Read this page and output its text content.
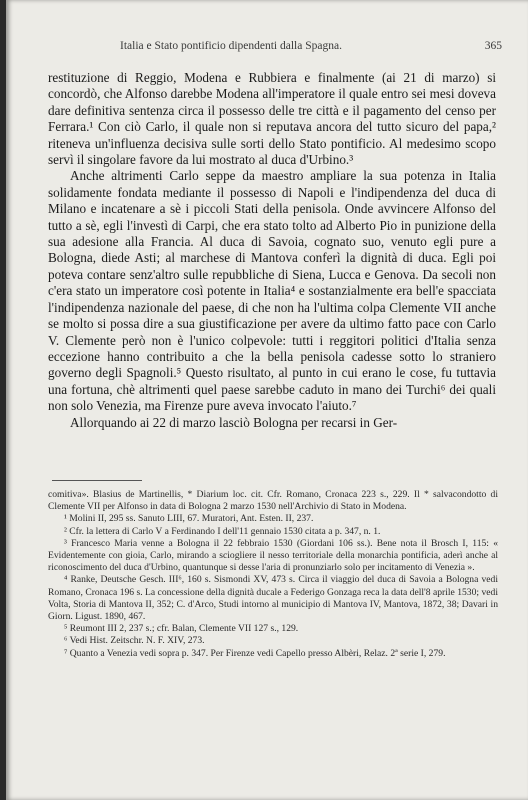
Italia e Stato pontificio dipendenti dalla Spagna.	365

restituzione di Reggio, Modena e Rubbiera e finalmente (ai 21 di marzo) si concordò, che Alfonso darebbe Modena all'imperatore il quale entro sei mesi doveva dare definitiva sentenza circa il possesso delle tre città e il pagamento del censo per Ferrara.¹ Con ciò Carlo, il quale non si reputava ancora del tutto sicuro del papa,² riteneva un'influenza decisiva sulle sorti dello Stato pontificio. Al medesimo scopo servì il singolare favore da lui mostrato al duca d'Urbino.³

Anche altrimenti Carlo seppe da maestro ampliare la sua potenza in Italia solidamente fondata mediante il possesso di Napoli e l'indipendenza del duca di Milano e incatenare a sè i piccoli Stati della penisola. Onde avvincere Alfonso del tutto a sè, egli l'investì di Carpi, che era stato tolto ad Alberto Pio in punizione della sua adesione alla Francia. Al duca di Savoia, cognato suo, venuto egli pure a Bologna, diede Asti; al marchese di Mantova conferì la dignità di duca. Egli poi poteva contare senz'altro sulle repubbliche di Siena, Lucca e Genova. Da secoli non c'era stato un imperatore così potente in Italia⁴ e sostanzialmente era bell'e spacciata l'indipendenza nazionale del paese, di che non ha l'ultima colpa Clemente VII anche se molto si possa dire a sua giustificazione per avere da ultimo fatto pace con Carlo V. Clemente però non è l'unico colpevole: tutti i reggitori politici d'Italia senza eccezione hanno contribuito a che la bella penisola cadesse sotto lo straniero governo degli Spagnoli.⁵ Questo risultato, al punto in cui erano le cose, fu tuttavia una fortuna, chè altrimenti quel paese sarebbe caduto in mano dei Turchi⁶ dei quali non solo Venezia, ma Firenze pure aveva invocato l'aiuto.⁷

Allorquando ai 22 di marzo lasciò Bologna per recarsi in Ger-

comitiva». Blasius de Martinellis, * Diarium loc. cit. Cfr. Romano, Cronaca 223 s., 229. Il * salvacondotto di Clemente VII per Alfonso in data di Bologna 2 marzo 1530 nell'Archivio di Stato in Modena.

¹ Molini II, 295 ss. Sanuto LIII, 67. Muratori, Ant. Esten. II, 237.

² Cfr. la lettera di Carlo V a Ferdinando I dell'11 gennaio 1530 citata a p. 347, n. 1.

³ Francesco Maria venne a Bologna il 22 febbraio 1530 (Giordani 106 ss.). Bene nota il Brosch I, 115: « Evidentemente con gioia, Carlo, mirando a sciogliere il nesso territoriale della monarchia pontificia, aderì anche al riconoscimento del duca d'Urbino, quantunque si desse l'aria di pronunziarlo solo per incitamento di Venezia ».

⁴ Ranke, Deutsche Gesch. III⁶, 160 s. Sismondi XV, 473 s. Circa il viaggio del duca di Savoia a Bologna vedi Romano, Cronaca 196 s. La concessione della dignità ducale a Federigo Gonzaga reca la data dell'8 aprile 1530; vedi Volta, Storia di Mantova II, 352; C. d'Arco, Studi intorno al municipio di Mantova IV, Mantova, 1872, 38; Davari in Giorn. Ligust. 1890, 467.

⁵ Reumont III 2, 237 s.; cfr. Balan, Clemente VII 127 s., 129.

⁶ Vedi Hist. Zeitschr. N. F. XIV, 273.

⁷ Quanto a Venezia vedi sopra p. 347. Per Firenze vedi Capello presso Albèri, Relaz. 2ª serie I, 279.
